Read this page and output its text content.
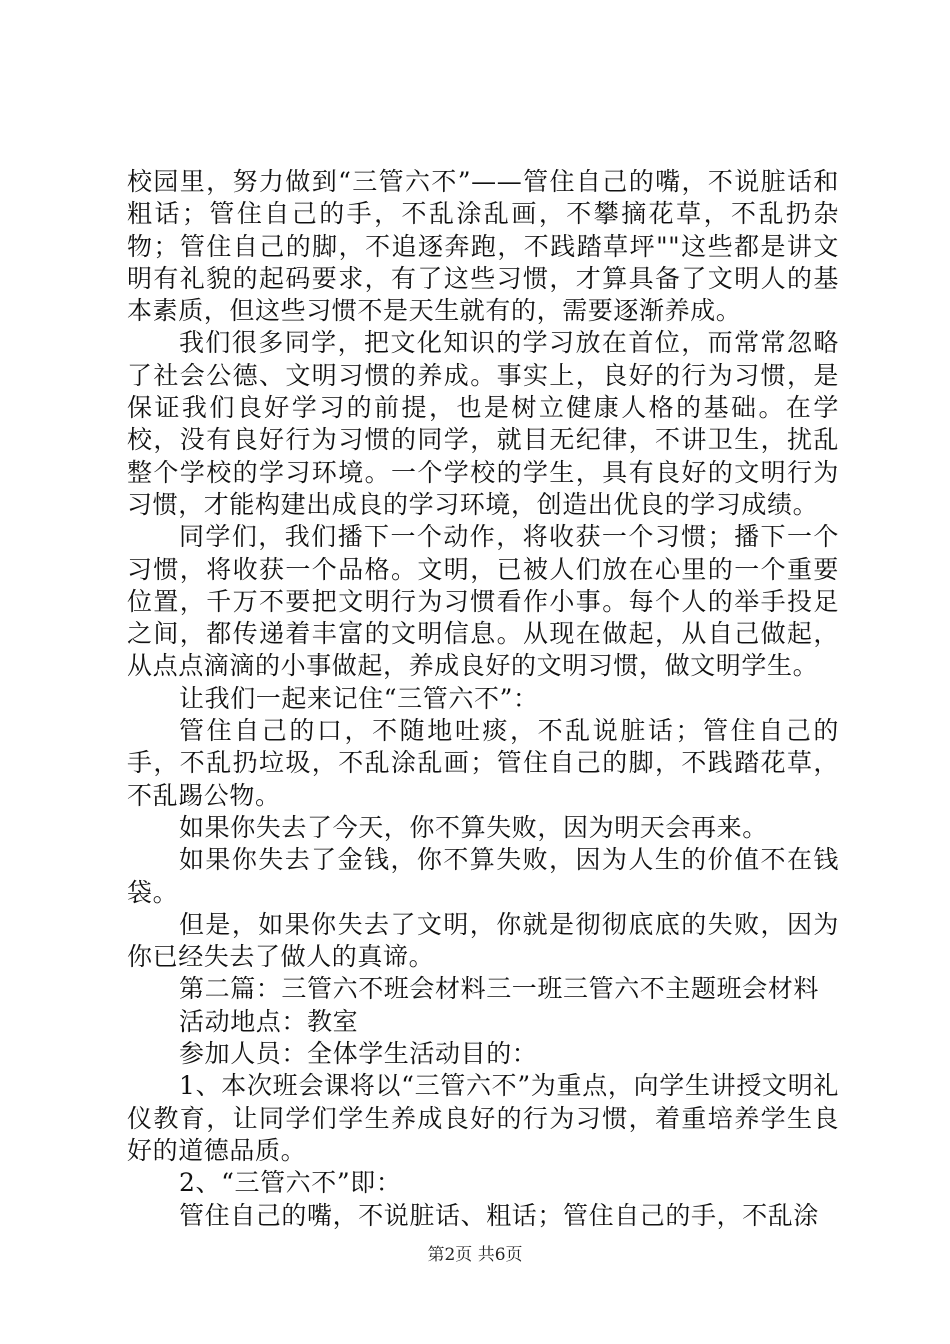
校园里，努力做到“三管六不”——管住自己的嘴，不说脏话和粗话；管住自己的手，不乱涂乱画，不攀摘花草，不乱扔杂物；管住自己的脚，不追逐奔跑，不践踏草坪""这些都是讲文明有礼貌的起码要求，有了这些习惯，才算具备了文明人的基本素质，但这些习惯不是天生就有的，需要逐渐养成。

我们很多同学，把文化知识的学习放在首位，而常常忽略了社会公德、文明习惯的养成。事实上，良好的行为习惯，是保证我们良好学习的前提，也是树立健康人格的基础。在学校，没有良好行为习惯的同学，就目无纪律，不讲卫生，扰乱整个学校的学习环境。一个学校的学生，具有良好的文明行为习惯，才能构建出成良的学习环境，创造出优良的学习成绩。

同学们，我们播下一个动作，将收获一个习惯；播下一个习惯，将收获一个品格。文明，已被人们放在心里的一个重要位置，千万不要把文明行为习惯看作小事。每个人的举手投足之间，都传递着丰富的文明信息。从现在做起，从自己做起，从点点滴滴的小事做起，养成良好的文明习惯，做文明学生。

让我们一起来记住“三管六不”：

管住自己的口，不随地吐痰，不乱说脏话；管住自己的手，不乱扔垃圾，不乱涂乱画；管住自己的脚，不践踏花草，不乱踢公物。

如果你失去了今天，你不算失败，因为明天会再来。

如果你失去了金钱，你不算失败，因为人生的价值不在钱袋。

但是，如果你失去了文明，你就是彻彻底底的失败，因为你已经失去了做人的真谛。

第二篇：三管六不班会材料三一班三管六不主题班会材料

活动地点：教室

参加人员：全体学生活动目的：

1、本次班会课将以“三管六不”为重点，向学生讲授文明礼仪教育，让同学们学生养成良好的行为习惯，着重培养学生良好的道德品质。

2、“三管六不”即：

管住自己的嘴，不说脏话、粗话；管住自己的手，不乱涂

第2页 共6页
